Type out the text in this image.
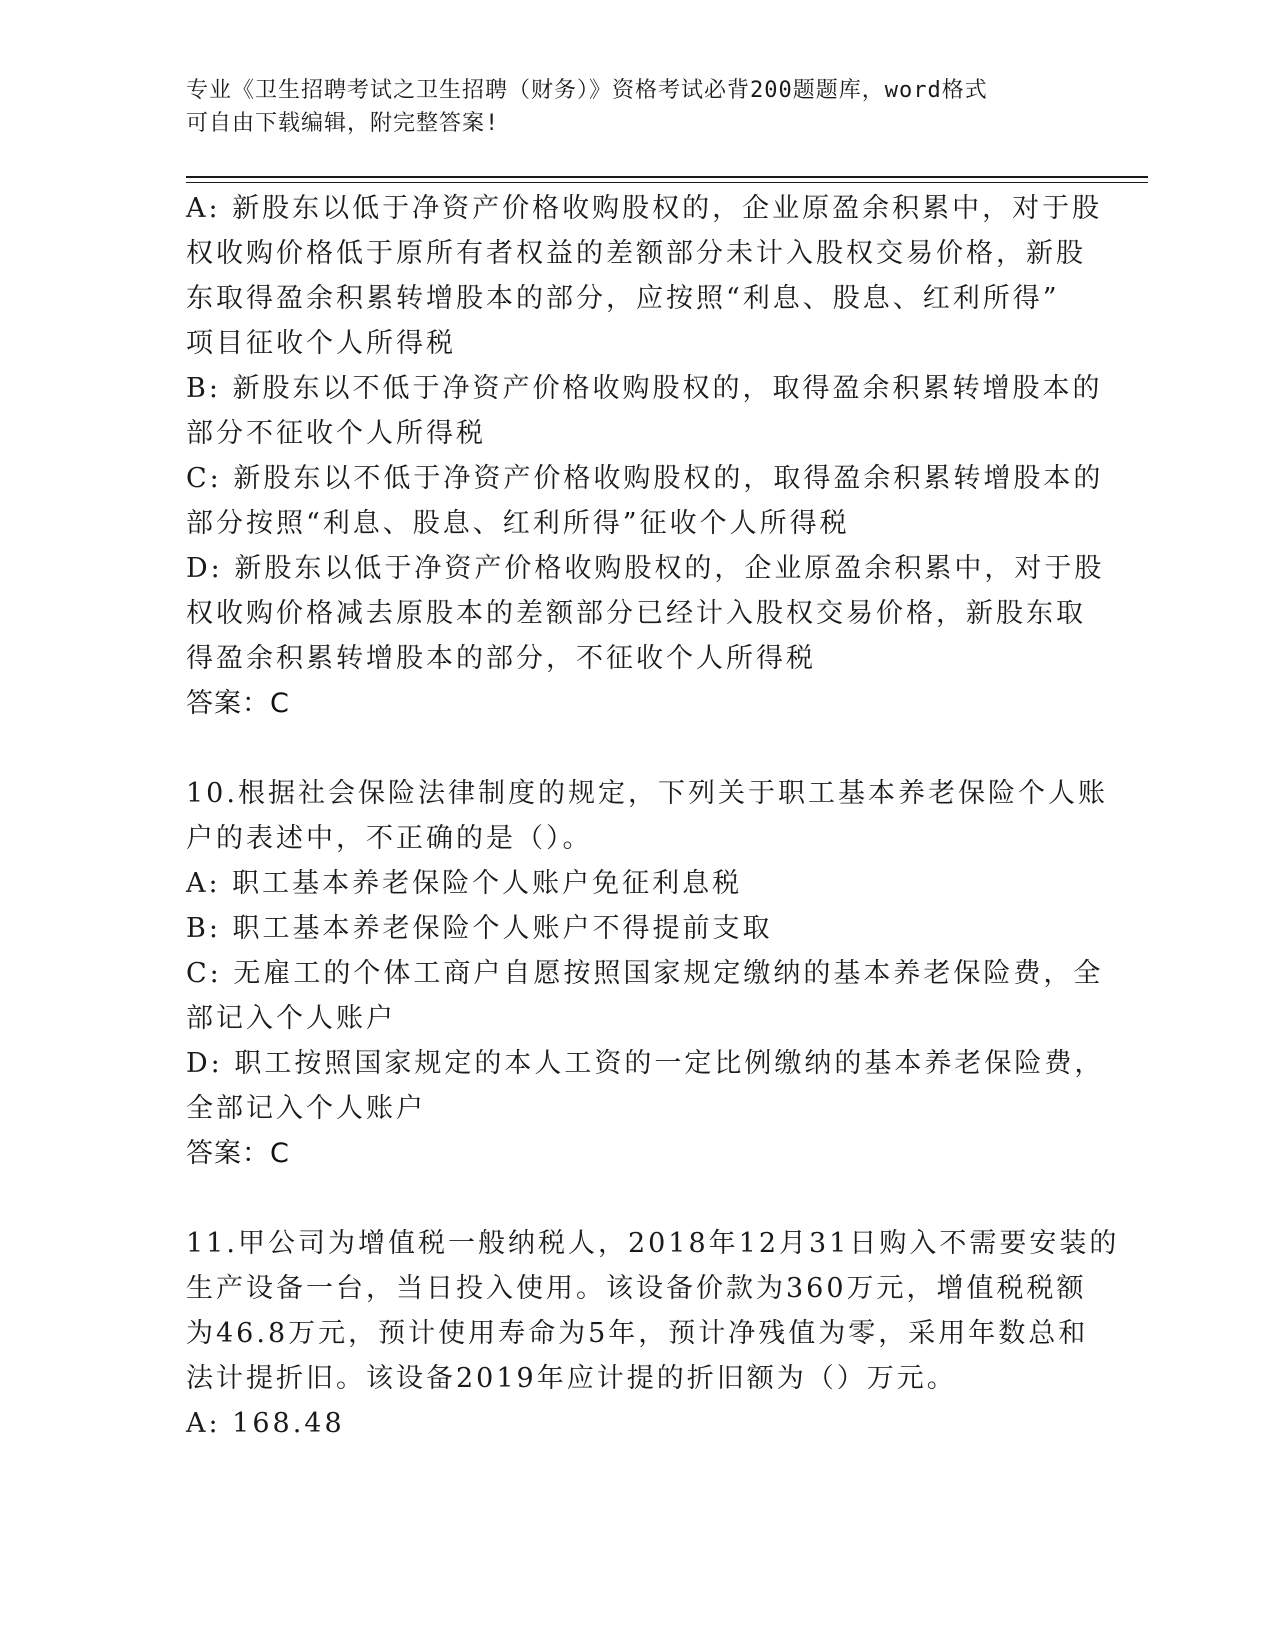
专业《卫生招聘考试之卫生招聘（财务）》资格考试必背200题题库，word格式
可自由下载编辑，附完整答案!
A: 新股东以低于净资产价格收购股权的，企业原盈余积累中，对于股
权收购价格低于原所有者权益的差额部分未计入股权交易价格，新股
东取得盈余积累转增股本的部分，应按照“利息、股息、红利所得”
项目征收个人所得税
B: 新股东以不低于净资产价格收购股权的，取得盈余积累转增股本的
部分不征收个人所得税
C: 新股东以不低于净资产价格收购股权的，取得盈余积累转增股本的
部分按照“利息、股息、红利所得”征收个人所得税
D: 新股东以低于净资产价格收购股权的，企业原盈余积累中，对于股
权收购价格减去原股本的差额部分已经计入股权交易价格，新股东取
得盈余积累转增股本的部分，不征收个人所得税
答案：C
10.根据社会保险法律制度的规定，下列关于职工基本养老保险个人账
户的表述中，不正确的是（）。
A: 职工基本养老保险个人账户免征利息税
B: 职工基本养老保险个人账户不得提前支取
C: 无雇工的个体工商户自愿按照国家规定缴纳的基本养老保险费，全
部记入个人账户
D: 职工按照国家规定的本人工资的一定比例缴纳的基本养老保险费，
全部记入个人账户
答案：C
11.甲公司为增值税一般纳税人，2018年12月31日购入不需要安装的
生产设备一台，当日投入使用。该设备价款为360万元，增值税税额
为46.8万元，预计使用寿命为5年，预计净残值为零，采用年数总和
法计提折旧。该设备2019年应计提的折旧额为（）万元。
A: 168.48
